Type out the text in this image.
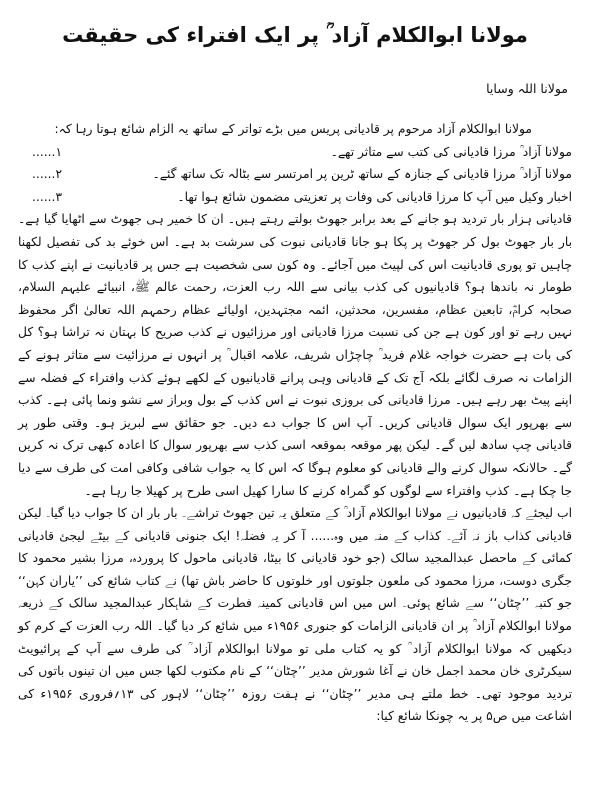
مولانا ابوالکلام آزاد ؒ پر ایک افتراء کی حقیقت
مولانا اللہ وسایا

مولانا ابوالکلام آزاد مرحوم پر قادیانی پریس میں بڑے تواتر کے ساتھ یہ الزام شائع ہوتا رہا کہ:

مولانا آزاد ؒ مرزا قادیانی کی کتب سے متاثر تھے۔
۱......
مولانا آزاد ؒ مرزا قادیانی کے جنازہ کے ساتھ ٹرین پر امرتسر سے بٹالہ تک ساتھ گئے۔
۲......
اخبار وکیل میں آپ کا مرزا قادیانی کی وفات پر تعزیتی مضمون شائع ہوا تھا۔
۳......

قادیانی ہزار بار تردید ہو جانے کے بعد برابر جھوٹ بولتے رہتے ہیں۔ ان کا خمیر ہی جھوٹ سے اٹھایا گیا ہے۔ بار بار جھوٹ بول کر جھوٹ پر پکا ہو جانا قادیانی نبوت کی سرشت بد ہے۔ اس خوئے بد کی تفصیل لکھنا چاہیں تو پوری قادیانیت اس کی لپیٹ میں آجائے۔ وہ کون سی شخصیت ہے جس پر قادیانیت نے اپنے کذب کا طومار نہ باندھا ہو؟ قادیانیوں کی کذب بیانی سے اللہ رب العزت، رحمت عالم ﷺ، انبیائے علیہم السلام، صحابہ کرامؓ، تابعین عظام، مفسرین، محدثین، ائمہ مجتہدین، اولیائے عظام رحمہم اللہ تعالیٰ اگر محفوظ نہیں رہے تو اور کون ہے جن کی نسبت مرزا قادیانی اور مرزائیوں نے کذب صریح کا بہتان نہ تراشا ہو؟ کل کی بات ہے حضرت خواجہ غلام فرید ؒ چاچڑاں شریف، علامہ اقبال ؒ پر انہوں نے مرزائیت سے متاثر ہونے کے الزامات نہ صرف لگائے بلکہ آج تک کے قادیانی وہی پرانے قادیانیوں کے لکھے ہوئے کذب وافتراء کے فضلہ سے اپنے پیٹ بھر رہے ہیں۔ مرزا قادیانی کی بروزی نبوت نے اس کذب کے بول وبراز سے نشو ونما پائی ہے۔ کذب سے بھرپور ایک سوال قادیانی کریں۔ آپ اس کا جواب دے دیں۔ جو حقائق سے لبریز ہو۔ وقتی طور پر قادیانی چپ سادھ لیں گے۔ لیکن پھر موقعہ بموقعہ اسی کذب سے بھرپور سوال کا اعادہ کبھی ترک نہ کریں گے۔ حالانکہ سوال کرنے والے قادیانی کو معلوم ہوگا کہ اس کا یہ جواب شافی وکافی امت کی طرف سے دیا جا چکا ہے۔ کذب وافتراء سے لوگوں کو گمراہ کرنے کا سارا کھیل اسی طرح پر کھیلا جا رہا ہے۔

اب لیجئے کہ قادیانیوں نے مولانا ابوالکلام آزاد ؒ کے متعلق یہ تین جھوٹ تراشے۔ بار بار ان کا جواب دیا گیا۔ لیکن قادیانی کذاب باز نہ آئے۔ کذاب کے منہ میں وہ...... آ کر یہ فضلہ! ایک جنونی قادیانی کے بیٹے لیجئ قادیانی کمائی کے ماحصل عبدالمجید سالک (جو خود قادیانی کا بیٹا، قادیانی ماحول کا پروردہ، مرزا بشیر محمود کا جگری دوست، مرزا محمود کی ملعون جلوتوں اور خلوتوں کا حاضر باش تھا) نے کتاب شائع کی ’’یاران کہن‘‘ جو کتبہ ’’چٹان‘‘ سے شائع ہوئی۔ اس میں اس قادیانی کمینہ فطرت کے شاہکار عبدالمجید سالک کے ذریعہ مولانا ابوالکلام آزاد ؒ پر ان قادیانی الزامات کو جنوری ۱۹۵۶ء میں شائع کر دیا گیا۔ اللہ رب العزت کے کرم کو دیکھیں کہ مولانا ابوالکلام آزاد ؒ کو یہ کتاب ملی تو مولانا ابوالکلام آزاد ؒ کی طرف سے آپ کے پرائیویٹ سیکرٹری خان محمد اجمل خان نے آغا شورش مدیر ’’چٹان‘‘ کے نام مکتوب لکھا جس میں ان تینوں باتوں کی تردید موجود تھی۔ خط ملتے ہی مدیر ’’چٹان‘‘ نے ہفت روزہ ’’چٹان‘‘ لاہور کی ۱۳؍فروری ۱۹۵۶ء کی اشاعت میں ص۵ پر یہ چونکا شائع کیا:
